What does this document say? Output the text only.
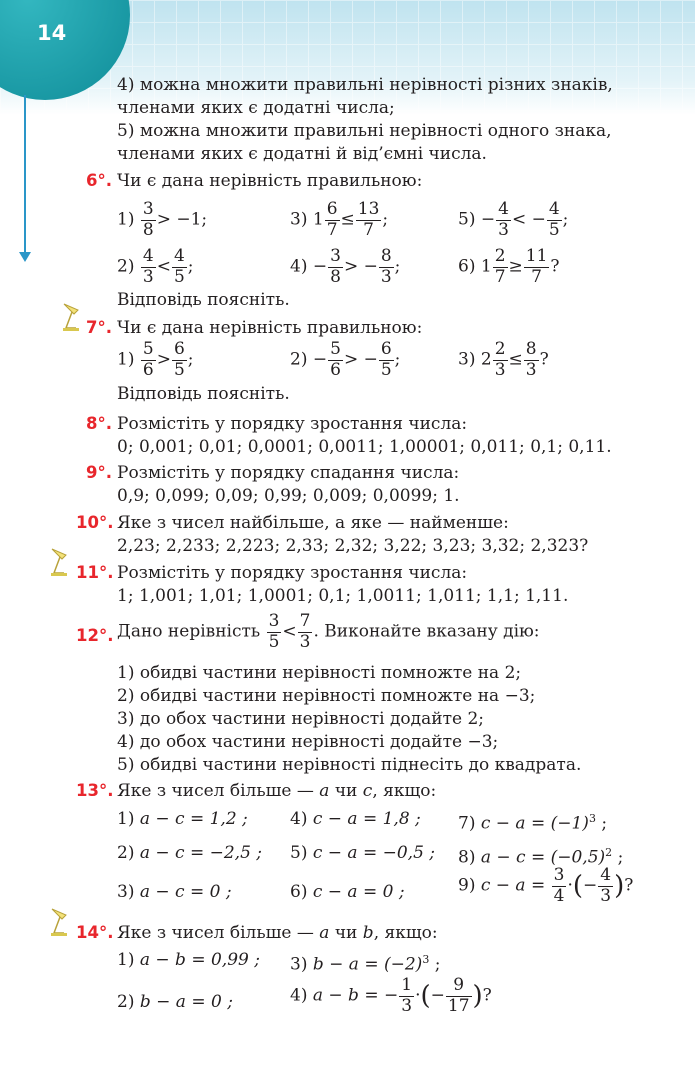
14
4) можна множити правильні нерівності різних знаків,
членами яких є додатні числа;
5) можна множити правильні нерівності одного знака,
членами яких є додатні й від’ємні числа.
6°. Чи є дана нерівність правильною:
$1) \frac{3}{8} > -1$;	3) $1 \frac{6}{7} \le \frac{13}{7}$ ;	$5) - \frac{4}{3}$ < − $\frac{4}{5}$ ;
$2) \frac{4}{3} < \frac{4}{5}$ ;	$4) - \frac{3}{8}$ > − $\frac{8}{3}$ ;	6) $1 \frac{2}{7} \ge \frac{11}{7}$ ?
Відповідь поясніть.
7°. Чи є дана нерівність правильною:
$1) \frac{5}{6} > \frac{6}{5}$ ;	$2) - \frac{5}{6}$ > − $\frac{6}{5}$ ;	3) $2 \frac{2}{3} \le \frac{8}{3}$ ?
Відповідь поясніть.
8°. Розмістіть у порядку зростання числа:
0; 0,001; 0,01; 0,0001; 0,0011; 1,00001; 0,011; 0,1; 0,11.
9°. Розмістіть у порядку спадання числа:
0,9; 0,099; 0,09; 0,99; 0,009; 0,0099; 1.
10°. Яке з чисел найбільше, а яке — найменше:
2,23; 2,233; 2,223; 2,33; 2,32; 3,22; 3,23; 3,32; 2,323?
11°. Розмістіть у порядку зростання числа:
1; 1,001; 1,01; 1,0001; 0,1; 1,0011; 1,011; 1,1; 1,11.
12°. Дано нерівність $\frac{3}{5} < \frac{7}{3}$ . Виконайте вказану дію:
1) обидві частини нерівності помножте на 2;
2) обидві частини нерівності помножте на −3;
3) до обох частини нерівності додайте 2;
4) до обох частини нерівності додайте −3;
5) обидві частини нерівності піднесіть до квадрата.
13°. Яке з чисел більше — a чи c, якщо:
1) a − c = 1,2 ; 4) c − a = 1,8 ; 7) $c - a = (-1)^3$ ;
2) a − c = −2,5 ; 5) c − a = −0,5 ; 8) $a - c = (-0,5)^2$ ;
3) a − c = 0 ;	6) c − a = 0 ;	9) $c - a = \frac{3}{4}$ ·(− $\frac{4}{3}$ )?
14°. Яке з чисел більше — a чи b, якщо:
1) a − b = 0,99 ; 3) $b - a = (-2)^3$ ;
2) b − a = 0 ;	4) a − b = − $\frac{1}{3}$ ·(− $\frac{9}{17}$ )?
